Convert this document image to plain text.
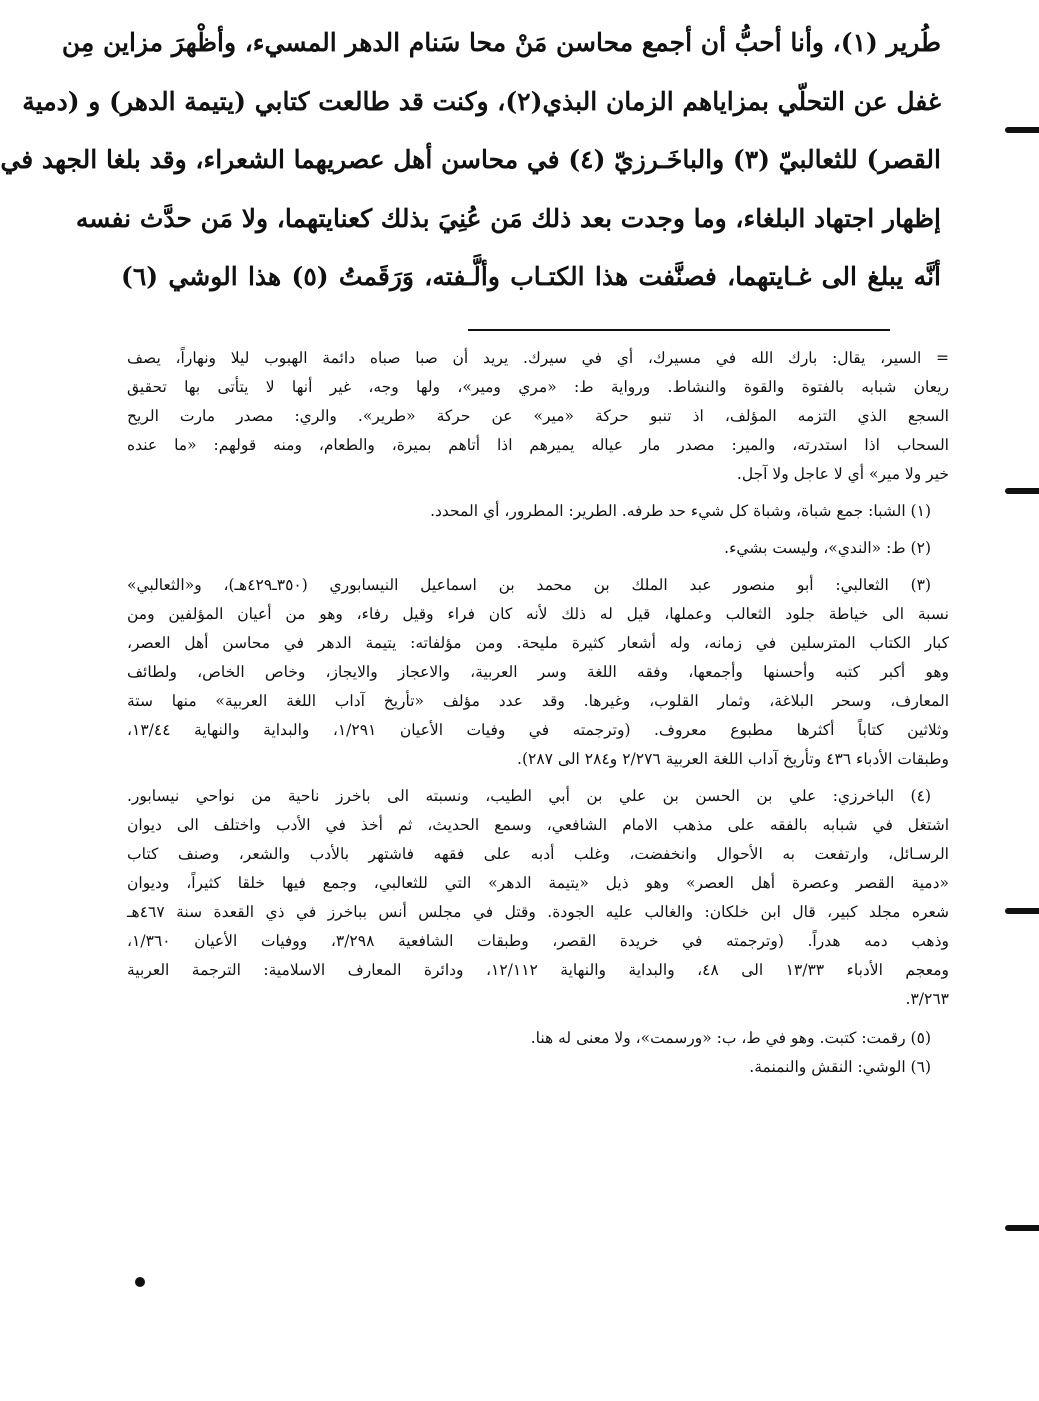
طُرير (١)، وأنا أحبُّ أن أجمع محاسن مَنْ محا سَنام الدهر المسيء، وأظْهرَ مزاين مِن
غفل عن التحلّي بمزاياهم الزمان البذي(٢)، وكنت قد طالعت كتابي (يتيمة الدهر) و (دمية
القصر) للثعالبيّ (٣) والباخَـرزيّ (٤) في محاسن أهل عصريهما الشعراء، وقد بلغا الجهد في
إظهار اجتهاد البلغاء، وما وجدت بعد ذلك مَن عُنِيَ بذلك كعنايتهما، ولا مَن حدَّث نفسه
أنَّه يبلغ الى غـايتهما، فصنَّفت هذا الكتـاب وألَّـفته، وَرَقَمتُ (٥) هذا الوشي (٦)
= السير، يقال: بارك الله في مسيرك، أي في سيرك. يريد أن صبا صباه دائمة الهبوب ليلا ونهاراً، يصف
ريعان شبابه بالفتوة والقوة والنشاط. ورواية ط: «مري ومير»، ولها وجه، غير أنها لا يتأتى بها تحقيق
السجع الذي التزمه المؤلف، اذ تنبو حركة «مير» عن حركة «طرير». والري: مصدر مارت الريح
السحاب اذا استدرته، والمير: مصدر مار عياله يميرهم اذا أتاهم بميرة، والطعام، ومنه قولهم: «ما عنده
خير ولا مير» أي لا عاجل ولا آجل.
(١) الشبا: جمع شباة، وشباة كل شيء حد طرفه. الطرير: المطرور، أي المحدد.
(٢) ط: «الندي»، وليست بشيء.
(٣) الثعالبي: أبو منصور عبد الملك بن محمد بن اسماعيل النيسابوري (٣٥٠ـ٤٢٩هـ)، و«الثعالبي»
نسبة الى خياطة جلود الثعالب وعملها، قيل له ذلك لأنه كان فراء وقيل رفاء، وهو من أعيان المؤلفين ومن
كبار الكتاب المترسلين في زمانه، وله أشعار كثيرة مليحة. ومن مؤلفاته: يتيمة الدهر في محاسن أهل العصر،
وهو أكبر كتبه وأحسنها وأجمعها، وفقه اللغة وسر العربية، والاعجاز والايجاز، وخاص الخاص، ولطائف
المعارف، وسحر البلاغة، وثمار القلوب، وغيرها. وقد عدد مؤلف «تأريخ آداب اللغة العربية» منها ستة
وثلاثين كتاباً أكثرها مطبوع معروف. (وترجمته في وفيات الأعيان ١/٢٩١، والبداية والنهاية ١٣/٤٤،
وطبقات الأدباء ٤٣٦ وتأريخ آداب اللغة العربية ٢/٢٧٦ و٢٨٤ الى ٢٨٧).
(٤) الباخرزي: علي بن الحسن بن علي بن أبي الطيب، ونسبته الى باخرز ناحية من نواحي نيسابور.
اشتغل في شبابه بالفقه على مذهب الامام الشافعي، وسمع الحديث، ثم أخذ في الأدب واختلف الى ديوان
الرسـائل، وارتفعت به الأحوال وانخفضت، وغلب أدبه على فقهه فاشتهر بالأدب والشعر، وصنف كتاب
«دمية القصر وعصرة أهل العصر» وهو ذيل «يتيمة الدهر» التي للثعالبي، وجمع فيها خلقا كثيراً، وديوان
شعره مجلد كبير، قال ابن خلكان: والغالب عليه الجودة. وقتل في مجلس أنس بباخرز في ذي القعدة سنة ٤٦٧هـ
وذهب دمه هدراً. (وترجمته في خريدة القصر، وطبقات الشافعية ٣/٢٩٨، ووفيات الأعيان ١/٣٦٠،
ومعجم الأدباء ١٣/٣٣ الى ٤٨، والبداية والنهاية ١٢/١١٢، ودائرة المعارف الاسلامية: الترجمة العربية
٣/٢٦٣.
(٥) رقمت: كتبت. وهو في ط، ب: «ورسمت»، ولا معنى له هنا.
(٦) الوشي: النقش والنمنمة.
